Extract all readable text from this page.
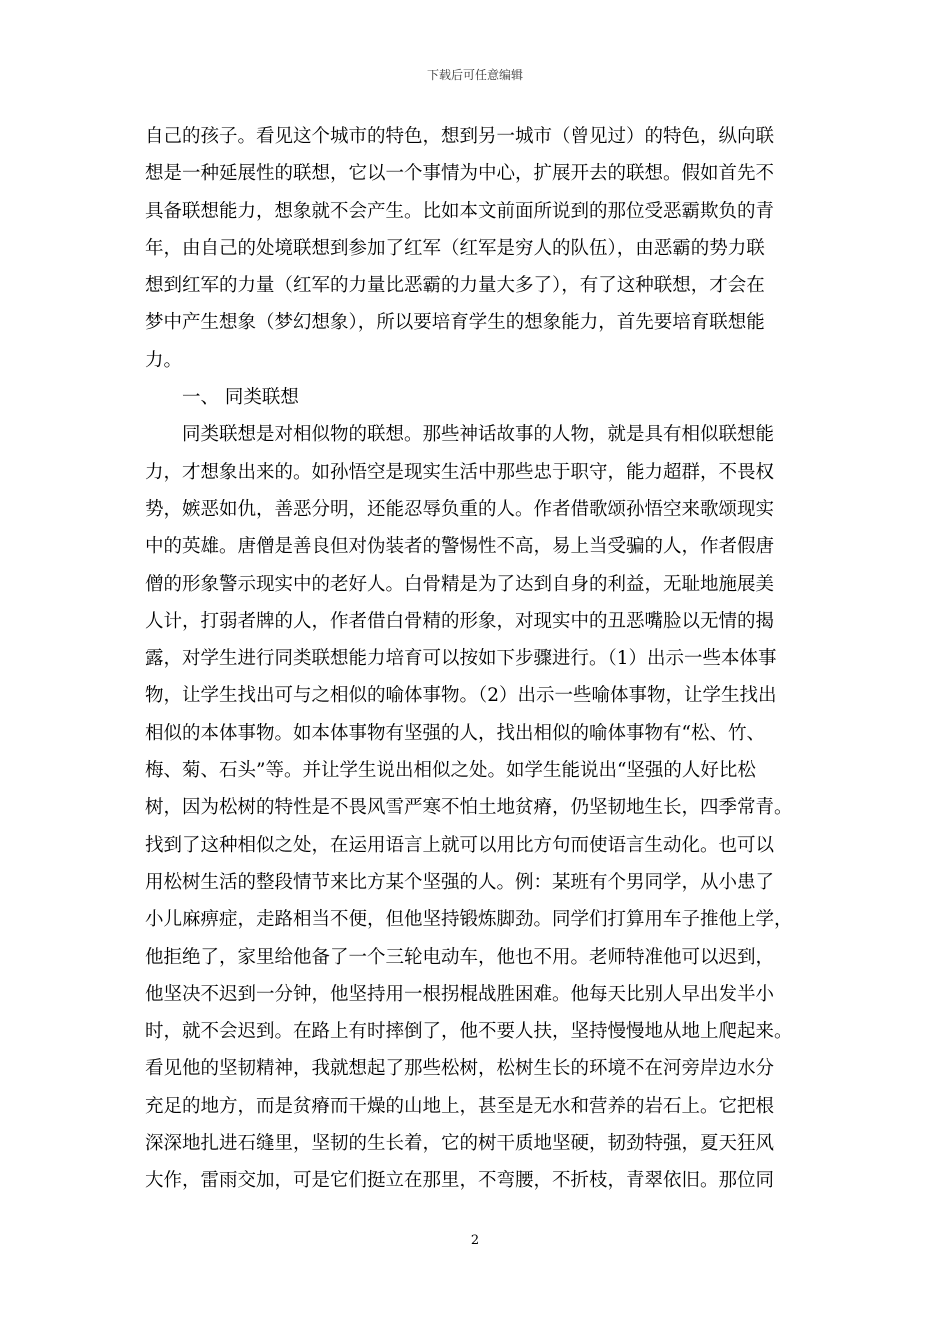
下载后可任意编辑
自己的孩子。看见这个城市的特色，想到另一城市（曾见过）的特色，纵向联
想是一种延展性的联想，它以一个事情为中心，扩展开去的联想。假如首先不
具备联想能力，想象就不会产生。比如本文前面所说到的那位受恶霸欺负的青
年，由自己的处境联想到参加了红军（红军是穷人的队伍），由恶霸的势力联
想到红军的力量（红军的力量比恶霸的力量大多了），有了这种联想，才会在
梦中产生想象（梦幻想象），所以要培育学生的想象能力，首先要培育联想能
力。
一、 同类联想
同类联想是对相似物的联想。那些神话故事的人物，就是具有相似联想能
力，才想象出来的。如孙悟空是现实生活中那些忠于职守，能力超群，不畏权
势，嫉恶如仇，善恶分明，还能忍辱负重的人。作者借歌颂孙悟空来歌颂现实
中的英雄。唐僧是善良但对伪装者的警惕性不高，易上当受骗的人，作者假唐
僧的形象警示现实中的老好人。白骨精是为了达到自身的利益，无耻地施展美
人计，打弱者牌的人，作者借白骨精的形象，对现实中的丑恶嘴脸以无情的揭
露，对学生进行同类联想能力培育可以按如下步骤进行。（1）出示一些本体事
物，让学生找出可与之相似的喻体事物。（2）出示一些喻体事物，让学生找出
相似的本体事物。如本体事物有坚强的人，找出相似的喻体事物有“松、竹、
梅、菊、石头”等。并让学生说出相似之处。如学生能说出“坚强的人好比松
树，因为松树的特性是不畏风雪严寒不怕土地贫瘠，仍坚韧地生长，四季常青。
找到了这种相似之处，在运用语言上就可以用比方句而使语言生动化。也可以
用松树生活的整段情节来比方某个坚强的人。例：某班有个男同学，从小患了
小儿麻痹症，走路相当不便，但他坚持锻炼脚劲。同学们打算用车子推他上学，
他拒绝了，家里给他备了一个三轮电动车，他也不用。老师特准他可以迟到，
他坚决不迟到一分钟，他坚持用一根拐棍战胜困难。他每天比别人早出发半小
时，就不会迟到。在路上有时摔倒了，他不要人扶，坚持慢慢地从地上爬起来。
看见他的坚韧精神，我就想起了那些松树，松树生长的环境不在河旁岸边水分
充足的地方，而是贫瘠而干燥的山地上，甚至是无水和营养的岩石上。它把根
深深地扎进石缝里，坚韧的生长着，它的树干质地坚硬，韧劲特强，夏天狂风
大作，雷雨交加，可是它们挺立在那里，不弯腰，不折枝，青翠依旧。那位同
2
